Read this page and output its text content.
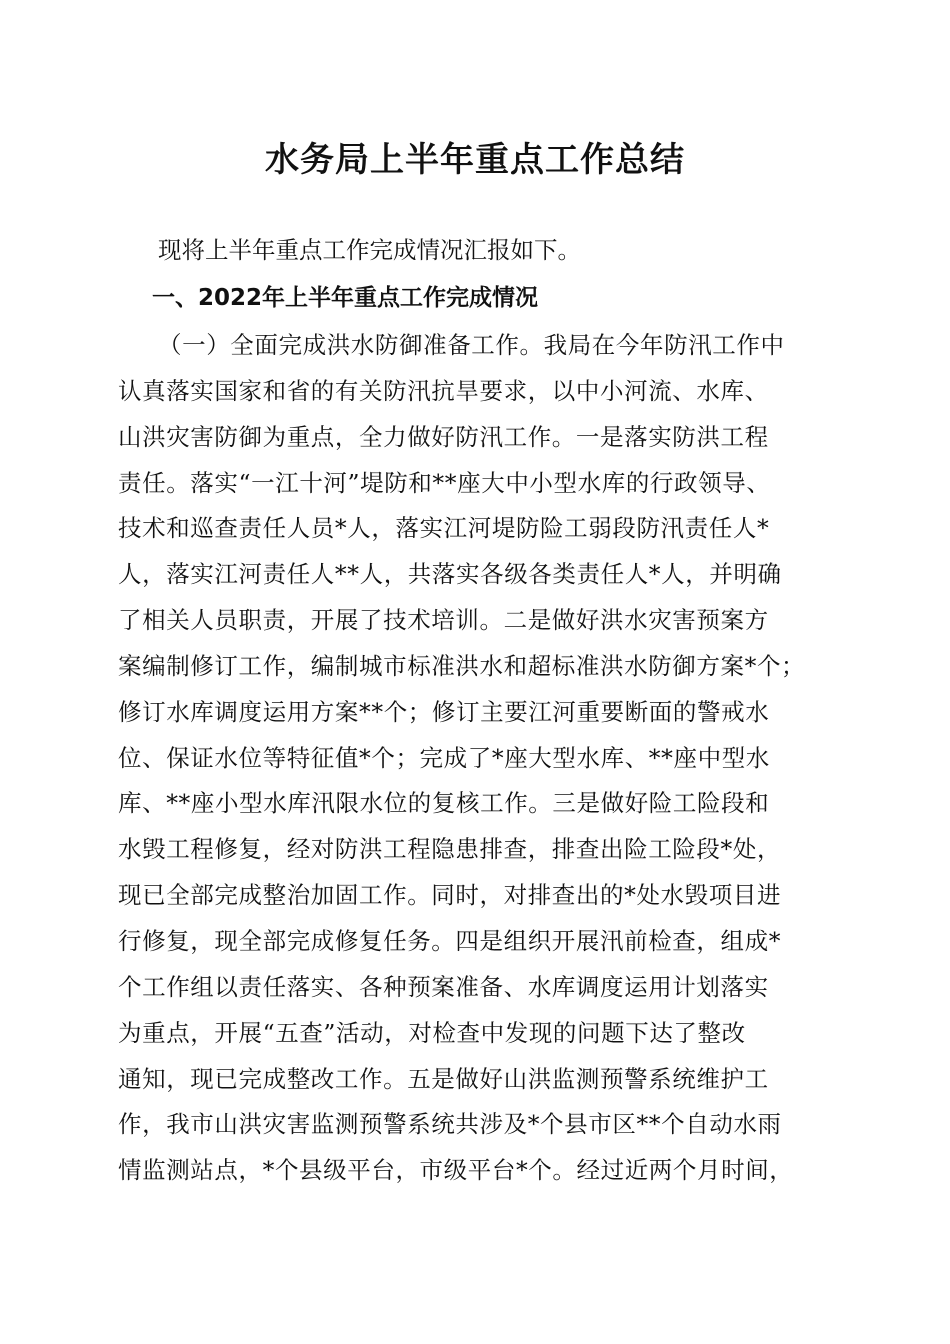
水务局上半年重点工作总结

现将上半年重点工作完成情况汇报如下。

一、2022年上半年重点工作完成情况
（一）全面完成洪水防御准备工作。我局在今年防汛工作中
认真落实国家和省的有关防汛抗旱要求，以中小河流、水库、
山洪灾害防御为重点，全力做好防汛工作。一是落实防洪工程
责任。落实“一江十河”堤防和**座大中小型水库的行政领导、
技术和巡查责任人员*人，落实江河堤防险工弱段防汛责任人*
人，落实江河责任人**人，共落实各级各类责任人*人，并明确
了相关人员职责，开展了技术培训。二是做好洪水灾害预案方
案编制修订工作，编制城市标准洪水和超标准洪水防御方案*个；
修订水库调度运用方案**个；修订主要江河重要断面的警戒水
位、保证水位等特征值*个；完成了*座大型水库、**座中型水
库、**座小型水库汛限水位的复核工作。三是做好险工险段和
水毁工程修复，经对防洪工程隐患排查，排查出险工险段*处，
现已全部完成整治加固工作。同时，对排查出的*处水毁项目进
行修复，现全部完成修复任务。四是组织开展汛前检查，组成*
个工作组以责任落实、各种预案准备、水库调度运用计划落实
为重点，开展“五查”活动，对检查中发现的问题下达了整改
通知，现已完成整改工作。五是做好山洪监测预警系统维护工
作，我市山洪灾害监测预警系统共涉及*个县市区**个自动水雨
情监测站点，*个县级平台，市级平台*个。经过近两个月时间，
